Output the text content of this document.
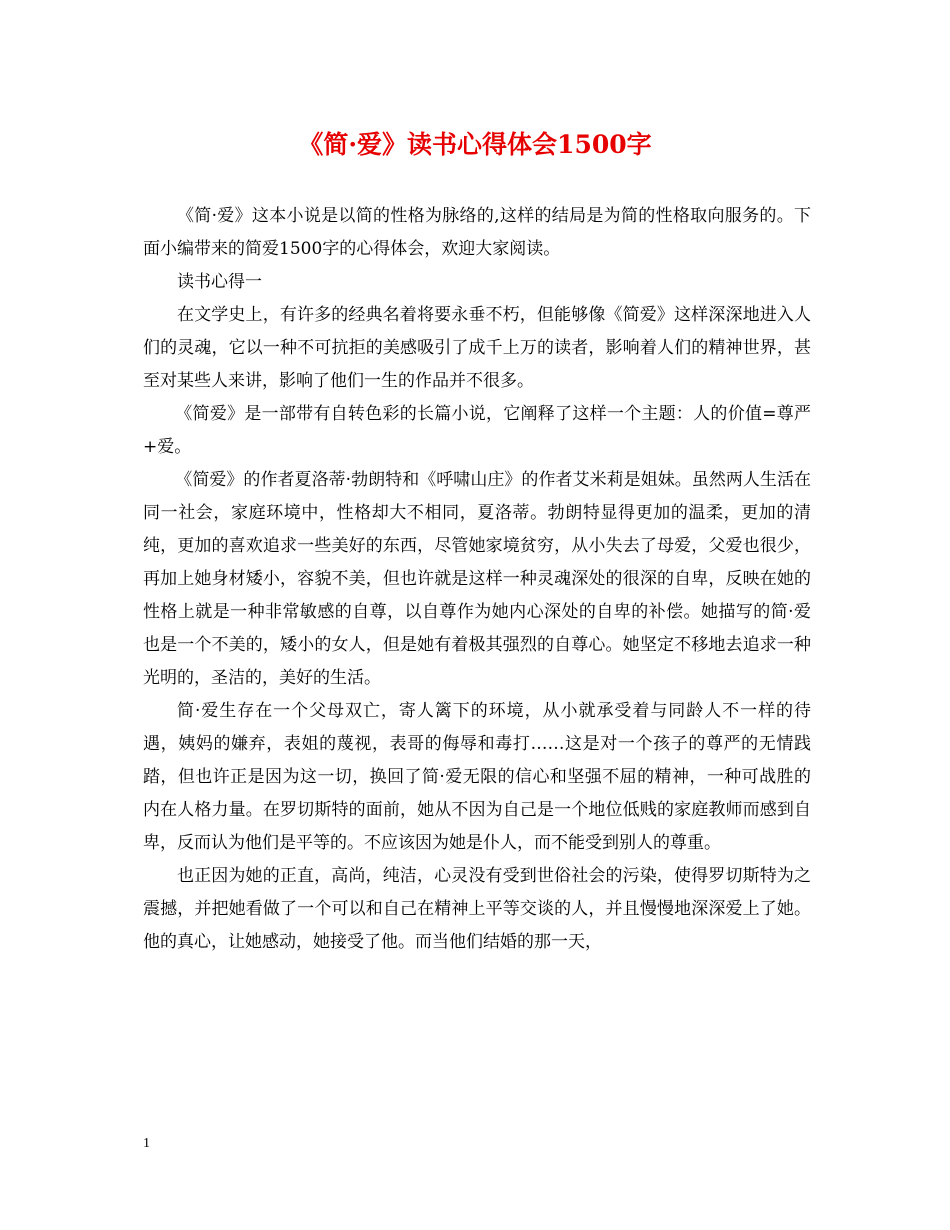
《简·爱》读书心得体会1500字

《简·爱》这本小说是以简的性格为脉络的,这样的结局是为简的性格取向服务的。下面小编带来的简爱1500字的心得体会，欢迎大家阅读。

读书心得一

在文学史上，有许多的经典名着将要永垂不朽，但能够像《简爱》这样深深地进入人们的灵魂，它以一种不可抗拒的美感吸引了成千上万的读者，影响着人们的精神世界，甚至对某些人来讲，影响了他们一生的作品并不很多。

《简爱》是一部带有自转色彩的长篇小说，它阐释了这样一个主题：人的价值=尊严+爱。

《简爱》的作者夏洛蒂·勃朗特和《呼啸山庄》的作者艾米莉是姐妹。虽然两人生活在同一社会，家庭环境中，性格却大不相同，夏洛蒂。勃朗特显得更加的温柔，更加的清纯，更加的喜欢追求一些美好的东西，尽管她家境贫穷，从小失去了母爱，父爱也很少，再加上她身材矮小，容貌不美，但也许就是这样一种灵魂深处的很深的自卑，反映在她的性格上就是一种非常敏感的自尊，以自尊作为她内心深处的自卑的补偿。她描写的简·爱也是一个不美的，矮小的女人，但是她有着极其强烈的自尊心。她坚定不移地去追求一种光明的，圣洁的，美好的生活。

简·爱生存在一个父母双亡，寄人篱下的环境，从小就承受着与同龄人不一样的待遇，姨妈的嫌弃，表姐的蔑视，表哥的侮辱和毒打……这是对一个孩子的尊严的无情践踏，但也许正是因为这一切，换回了简·爱无限的信心和坚强不屈的精神，一种可战胜的内在人格力量。在罗切斯特的面前，她从不因为自己是一个地位低贱的家庭教师而感到自卑，反而认为他们是平等的。不应该因为她是仆人，而不能受到别人的尊重。

也正因为她的正直，高尚，纯洁，心灵没有受到世俗社会的污染，使得罗切斯特为之震撼，并把她看做了一个可以和自己在精神上平等交谈的人，并且慢慢地深深爱上了她。他的真心，让她感动，她接受了他。而当他们结婚的那一天，

1
